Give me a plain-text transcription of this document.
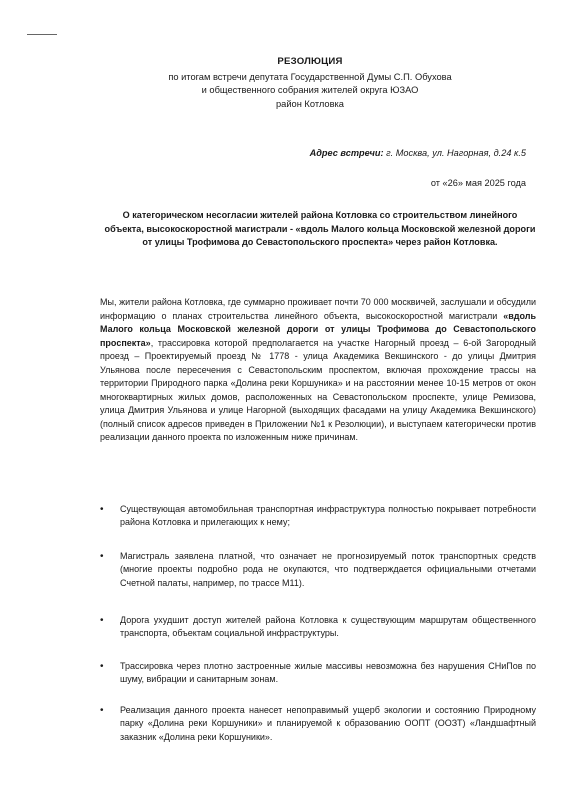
РЕЗОЛЮЦИЯ

по итогам встречи депутата Государственной Думы С.П. Обухова

и общественного собрания жителей округа ЮЗАО

район Котловка

Адрес встречи: г. Москва, ул. Нагорная, д.24 к.5
от «26» мая 2025 года

О категорическом несогласии жителей района Котловка со строительством линейного объекта, высокоскоростной магистрали - «вдоль Малого кольца Московской железной дороги от улицы Трофимова до Севастопольского проспекта» через район Котловка.

Мы, жители района Котловка, где суммарно проживает почти 70 000 москвичей, заслушали и обсудили информацию о планах строительства линейного объекта, высокоскоростной магистрали «вдоль Малого кольца Московской железной дороги от улицы Трофимова до Севастопольского проспекта», трассировка которой предполагается на участке Нагорный проезд – 6-ой Загородный проезд – Проектируемый проезд № 1778 - улица Академика Векшинского - до улицы Дмитрия Ульянова после пересечения с Севастопольским проспектом, включая прохождение трассы на территории Природного парка «Долина реки Коршуника» и на расстоянии менее 10-15 метров от окон многоквартирных жилых домов, расположенных на Севастопольском проспекте, улице Ремизова, улица Дмитрия Ульянова и улице Нагорной (выходящих фасадами на улицу Академика Векшинского) (полный список адресов приведен в Приложении №1 к Резолюции), и выступаем категорически против реализации данного проекта по изложенным ниже причинам.

•	Существующая автомобильная транспортная инфраструктура полностью покрывает потребности района Котловка и прилегающих к нему;
•	Магистраль заявлена платной, что означает не прогнозируемый поток транспортных средств (многие проекты подробно рода не окупаются, что подтверждается официальными отчетами Счетной палаты, например, по трассе М11).
•	Дорога ухудшит доступ жителей района Котловка к существующим маршрутам общественного транспорта, объектам социальной инфраструктуры.
•	Трассировка через плотно застроенные жилые массивы невозможна без нарушения СНиПов по шуму, вибрации и санитарным зонам.
•	Реализация данного проекта нанесет непоправимый ущерб экологии и состоянию Природному парку «Долина реки Коршуники» и планируемой к образованию ООПТ (ООЗТ) «Ландшафтный заказник «Долина реки Коршуники».
